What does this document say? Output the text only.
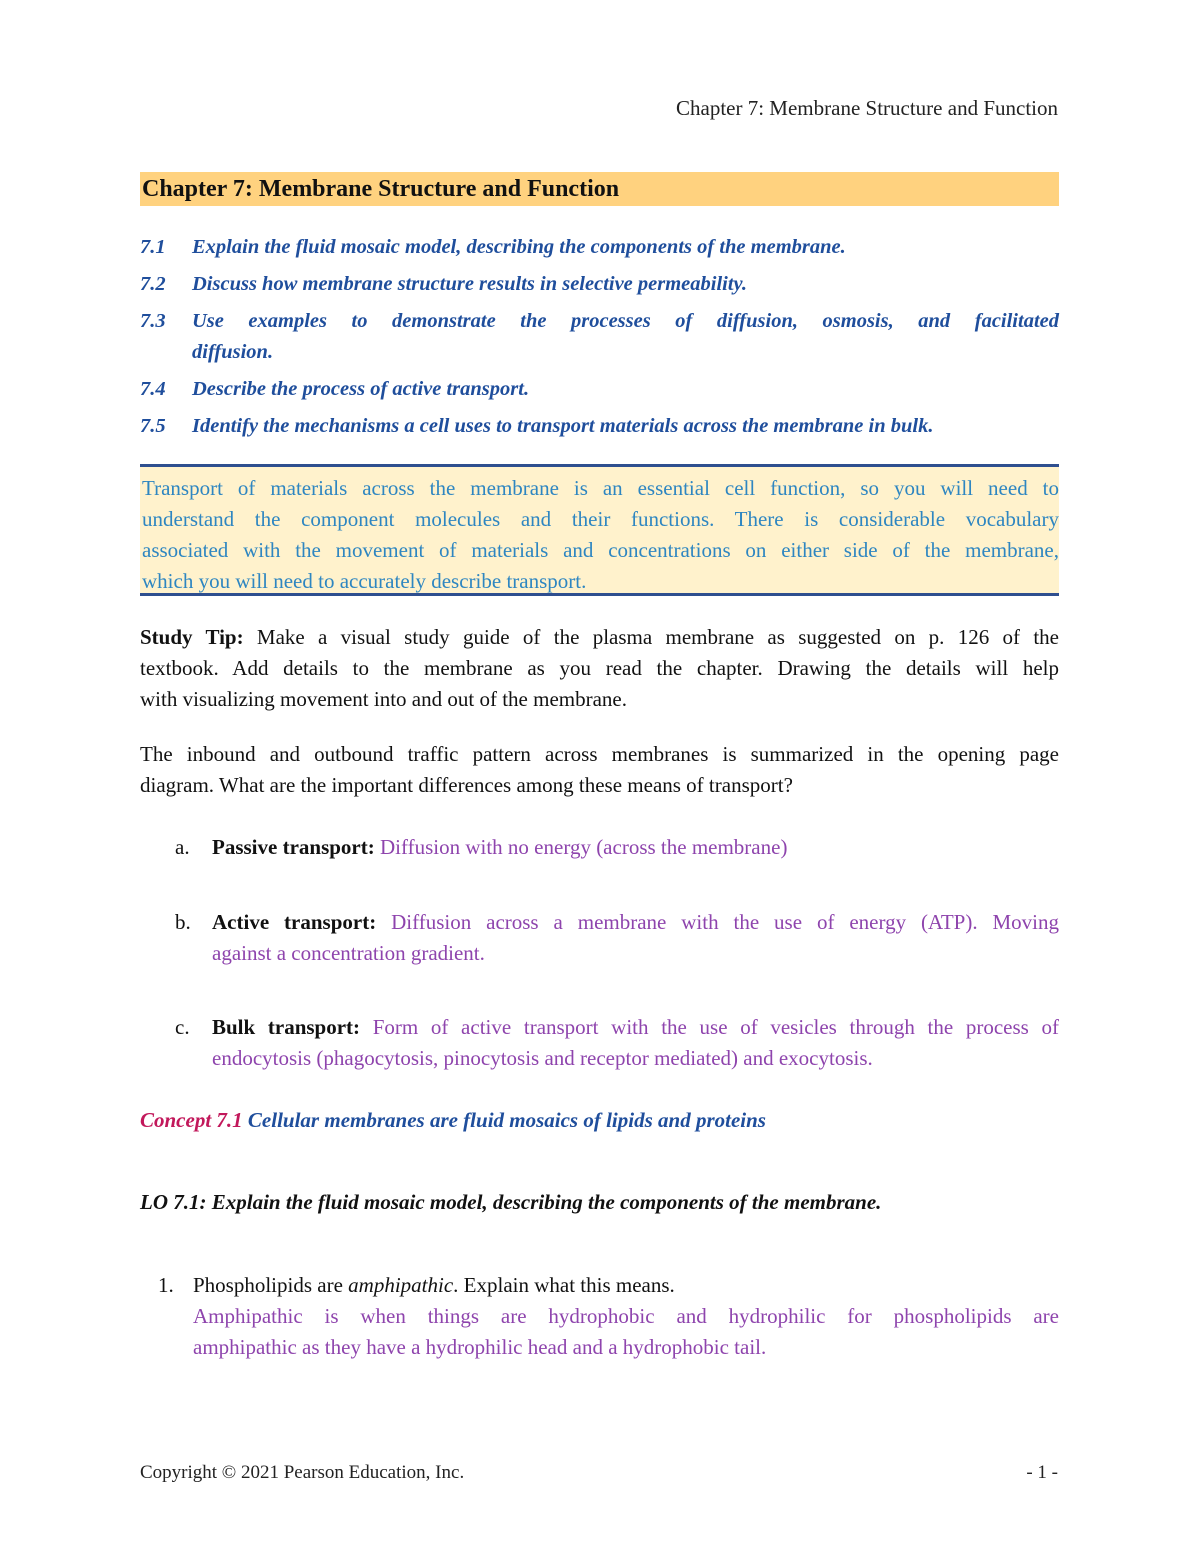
Chapter 7: Membrane Structure and Function
Chapter 7: Membrane Structure and Function
7.1	Explain the fluid mosaic model, describing the components of the membrane.
7.2	Discuss how membrane structure results in selective permeability.
7.3	Use examples to demonstrate the processes of diffusion, osmosis, and facilitated
diffusion.
7.4	Describe the process of active transport.
7.5	Identify the mechanisms a cell uses to transport materials across the membrane in bulk.
Transport of materials across the membrane is an essential cell function, so you will need to
understand the component molecules and their functions. There is considerable vocabulary
associated with the movement of materials and concentrations on either side of the membrane,
which you will need to accurately describe transport.
Study Tip: Make a visual study guide of the plasma membrane as suggested on p. 126 of the
textbook. Add details to the membrane as you read the chapter. Drawing the details will help
with visualizing movement into and out of the membrane.
The inbound and outbound traffic pattern across membranes is summarized in the opening page
diagram. What are the important differences among these means of transport?
a.	Passive transport: Diffusion with no energy (across the membrane)
b.	Active transport: Diffusion across a membrane with the use of energy (ATP). Moving
against a concentration gradient.
c.	Bulk transport: Form of active transport with the use of vesicles through the process of
endocytosis (phagocytosis, pinocytosis and receptor mediated) and exocytosis.
Concept 7.1 Cellular membranes are fluid mosaics of lipids and proteins
LO 7.1: Explain the fluid mosaic model, describing the components of the membrane.
1. Phospholipids are amphipathic. Explain what this means.
Amphipathic is when things are hydrophobic and hydrophilic for phospholipids are
amphipathic as they have a hydrophilic head and a hydrophobic tail.
Copyright © 2021 Pearson Education, Inc.	- 1 -
